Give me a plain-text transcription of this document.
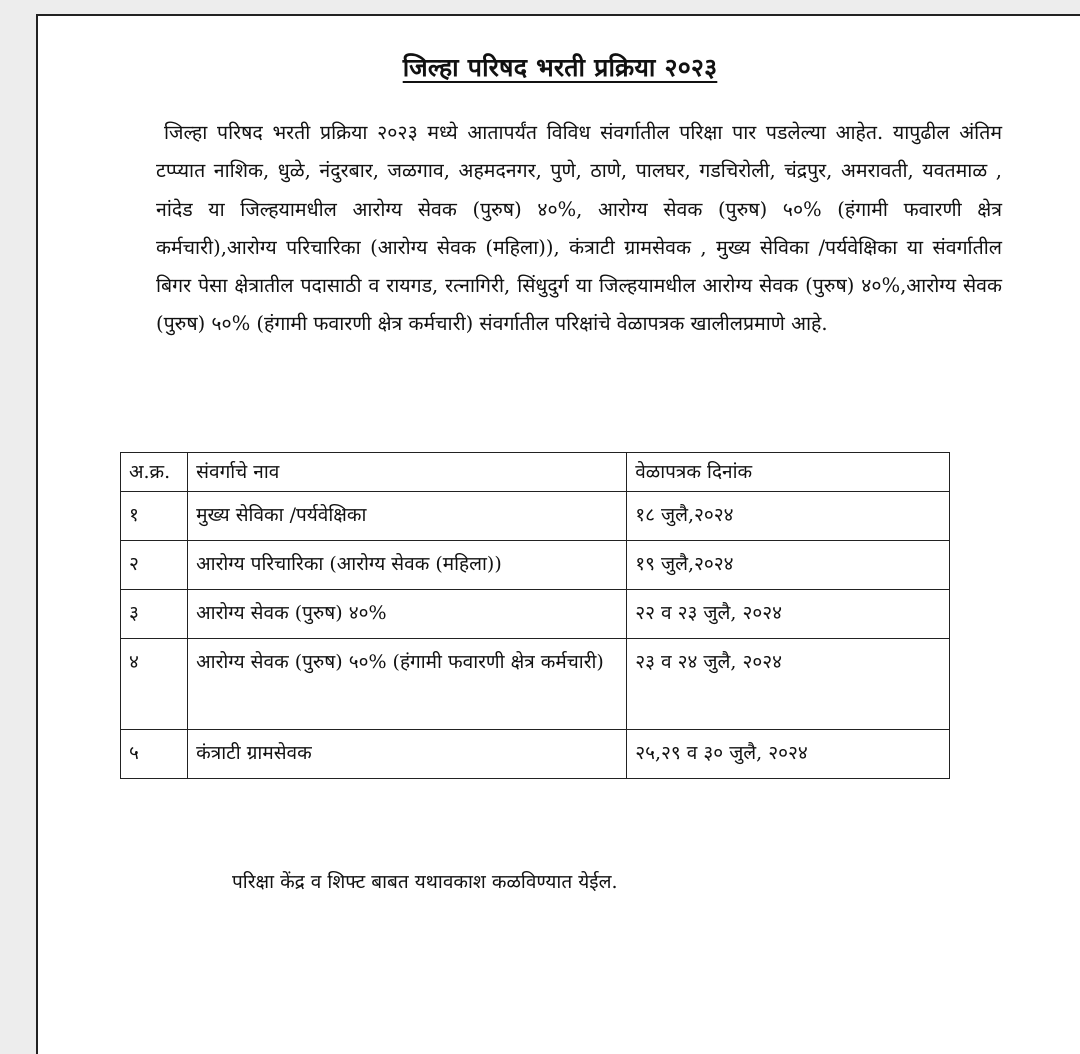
जिल्हा परिषद भरती प्रक्रिया २०२३

जिल्हा परिषद भरती प्रक्रिया २०२३ मध्ये आतापर्यंत विविध संवर्गातील परिक्षा पार पडलेल्या आहेत. यापुढील अंतिम टप्प्यात नाशिक, धुळे, नंदुरबार, जळगाव, अहमदनगर, पुणे, ठाणे, पालघर, गडचिरोली, चंद्रपुर, अमरावती, यवतमाळ , नांदेड या जिल्हयामधील आरोग्य सेवक (पुरुष) ४०%, आरोग्य सेवक (पुरुष) ५०% (हंगामी फवारणी क्षेत्र कर्मचारी),आरोग्य परिचारिका (आरोग्य सेवक (महिला)), कंत्राटी ग्रामसेवक , मुख्य सेविका /पर्यवेक्षिका या संवर्गातील बिगर पेसा क्षेत्रातील पदासाठी व रायगड, रत्नागिरी, सिंधुदुर्ग या जिल्हयामधील आरोग्य सेवक (पुरुष) ४०%,आरोग्य सेवक (पुरुष) ५०% (हंगामी फवारणी क्षेत्र कर्मचारी) संवर्गातील परिक्षांचे वेळापत्रक खालीलप्रमाणे आहे.

अ.क्र.	संवर्गाचे नाव	वेळापत्रक दिनांक
१	मुख्य सेविका /पर्यवेक्षिका	१८ जुलै,२०२४
२	आरोग्य परिचारिका (आरोग्य सेवक (महिला))	१९ जुलै,२०२४
३	आरोग्य सेवक (पुरुष) ४०%	२२ व २३ जुलै, २०२४
४	आरोग्य सेवक (पुरुष) ५०% (हंगामी फवारणी क्षेत्र कर्मचारी)	२३ व २४ जुलै, २०२४
५	कंत्राटी ग्रामसेवक	२५,२९ व ३० जुलै, २०२४
परिक्षा केंद्र व शिफ्ट बाबत यथावकाश कळविण्यात येईल.
